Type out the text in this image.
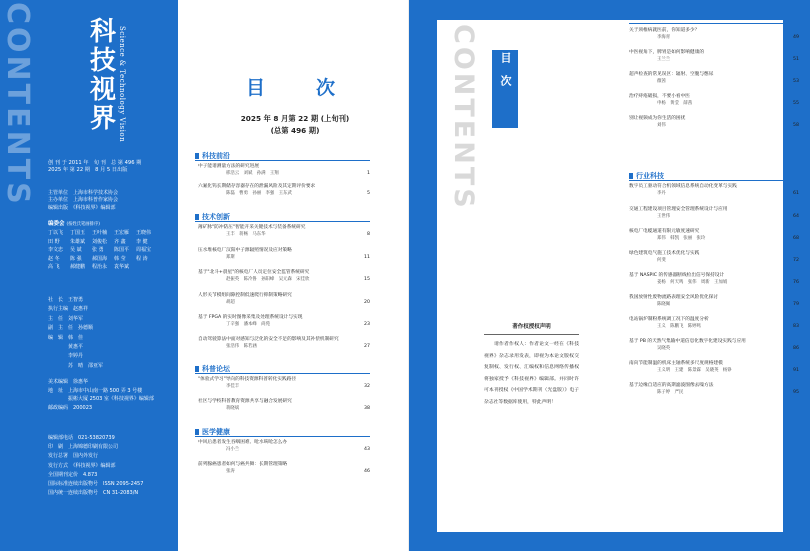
CONTENTS 科技视界 Science & Technology Vision
创 刊 于 2011 年　旬 刊　总 第 496 期
2025 年 第 22 期　8 月 5 日出版
主管单位　上海市科学技术协会
主办单位　上海市科普作家协会
编辑出版　《科技视界》编辑部
编委会 (按姓氏笔画排序)
丁以飞 丁国玉 王叶楠 王宏雁 王晓伟田 野 朱雄斌 刘俊松 齐 鑫 李 健李文忠 吴 斌 张 勇 陈国平 周福宝赵 冬 陈 强 郝国海 韩 莹 程 涛高 飞 郝健鹏 程治永 袁华斌
社　长　王智勇
执行主编　赵惠祥
主　任　刘华军
副　主　任　孙德顺
编　辑　韩　佳
　　　　黄惠平
　　　　李婷丹
　　　　苏　晴　邵亚军
美术编辑　徐惠华
地　址　上海市中山南一路 500 弄 3 号楼
　　　　振彬大厦 2503 室《科技视界》编辑部
邮政编码　200023
编辑部电话　021-53820739
印　刷　上海锦德印刷有限公司
发行总署　国内外发行
发行方式　《科技视界》编辑部
全国期刊定价　4.873
国际标准连续出版物号　ISSN 2095-2457
国内统一连续出版物号　CN 31-2083/N
目　次
2025 年 8 月第 22 期 (上旬刊)
(总第 496 期)
科技前沿
中子能谱测量方法的研究进展
邢浩云　刘斌　孙满　王翔	1
六氟化钨长期储存容器存在的泄漏风险及其定期评价要求
陈磊　曹勇　孙丽　李强　王东武	5
技术创新
薄矿脉"防冲防压"智能开采关键技术与装备系统研究
王丰　蒋畅　马东华	8
压水堆核电厂汉阳中子源辐照情况及应对策略
郑斯	11
基于"北斗+晨星"的核电厂人员定位安全监管系统研究
赵振英　陈冷鲁　孙阳峰　吴元森　宋佳欣	15
人形关节模组间隙控制低速爬行抑制策略研究
胡超	20
基于 FPGA 的实时图像采集及处理系统设计与实现
丁辛强　潘本峰　尚苑	23
自动驾驶算法中面对感知与泛化的安全不足的影响及其补偿机制研究
张浩伟　陈若涵	27
科普论坛
"体验式学习"导向的科技资源科普转化实践路径
李佳丰	32
社区与学校科普教育资源共享与融合发展研究
蒋晓斌	38
医学健康
中风后患者发生吞咽困难、呛水咳呛怎么办
冯小兰	43
前列腺癌患者如何与癌共舞：长期管理策略
张涛	46
CONTENTS	目次
著作权授权声明
　　请作者作权人：作者论文一经在《科技视界》杂志录用发表，即视为本论文版权交复制权、发行权、汇编权和信息网络传播权将独家授予《科技视界》编辑部。并同时许可本刊授权《中国学术期刊（光盘版）》电子杂志社等数据库使用，特此声明！
关于颈椎病就医前，你知道多少？
李海青	49
中医视角下，脾胃是如何影响健康的
王兰兰	51
超声检查的常见误区：辐射、空腹与憋尿
薇茜	53
治疗痔疮破损，不要小看中医
申杨　黄莹　薛茜	55
别让视频成为你生活的困扰
刘伟	58
行业科技
数字员工驱动符合机领域信息系统自动化变革与实践
李丹	61
交通工程建设项目管理安全管理系统设计与应用
王世伟	64
核电厂电缆通道有限元敏度速研究
郑伟　韩凯　张丽　张玲	68
绿色建筑电气施工技术优化与实践
何斐	72
基于 NASPIC 的传感器断线检出信号保持设计
姜杨　何天鸣　张伟　周新　王加娟	76
我国放射性废物流路表理安全风险优化探讨
陈晓佩	79
电站锅炉制粉系统调工况下的温度分析
王义　陈鹏飞　陈婷鸣	83
基于 PB 的天然气集输中道信息化数字化建设实践与应用
吴晓英	86
南向节能制温的机床主轴系统多尺度规格建模
王义明　王建　陈景霖　吴晓英　杨铮	91
基于边缘自适应的高斯滤波图像去噪方法
陈子婷　严民	95
